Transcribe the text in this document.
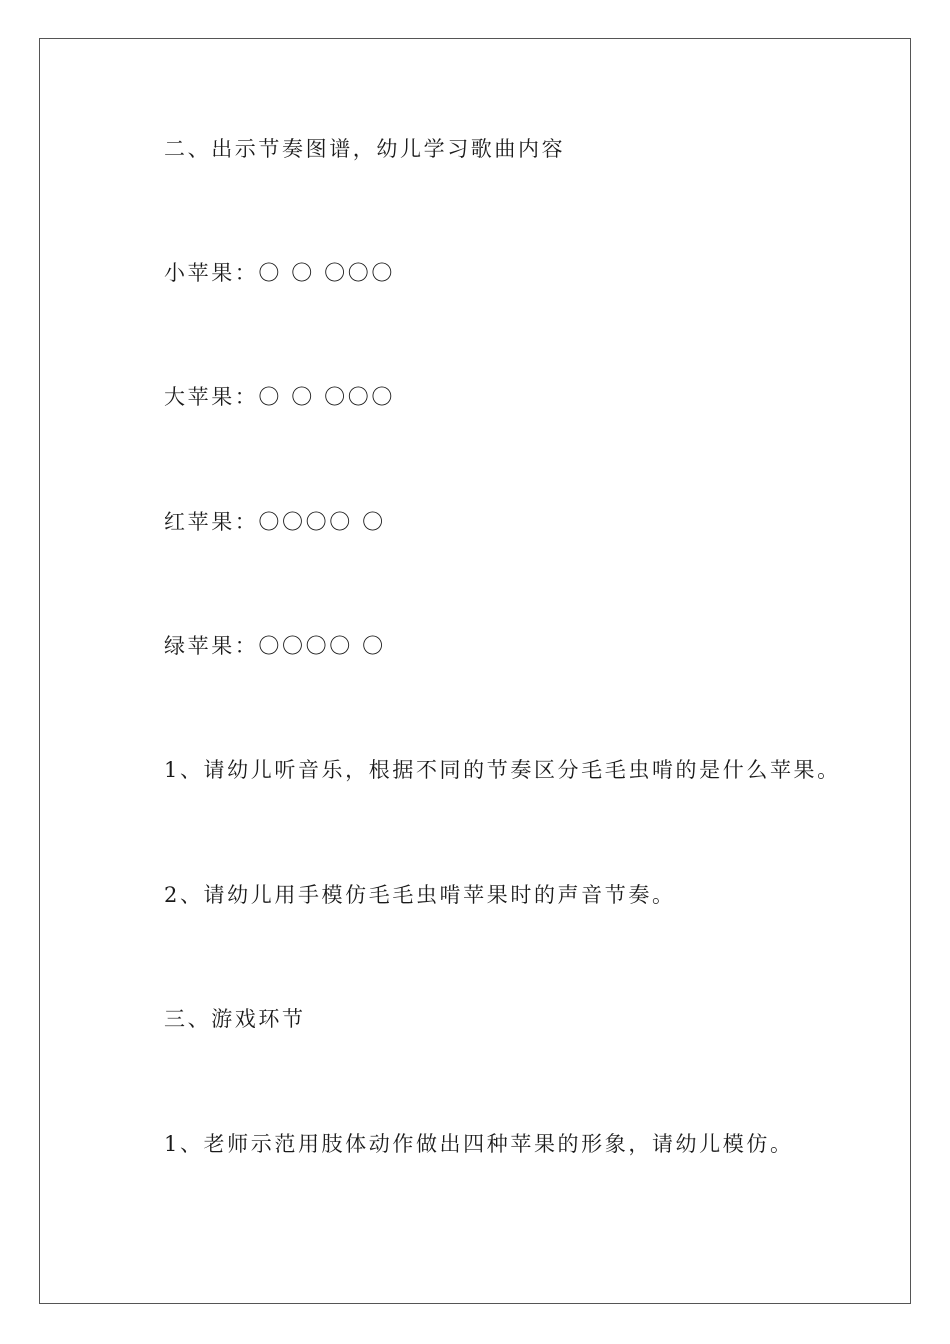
二、出示节奏图谱，幼儿学习歌曲内容
小苹果：〇 〇 〇〇〇
大苹果：〇 〇 〇〇〇
红苹果：〇〇〇〇 〇
绿苹果：〇〇〇〇 〇
1、请幼儿听音乐，根据不同的节奏区分毛毛虫啃的是什么苹果。
2、请幼儿用手模仿毛毛虫啃苹果时的声音节奏。
三、游戏环节
1、老师示范用肢体动作做出四种苹果的形象，请幼儿模仿。
